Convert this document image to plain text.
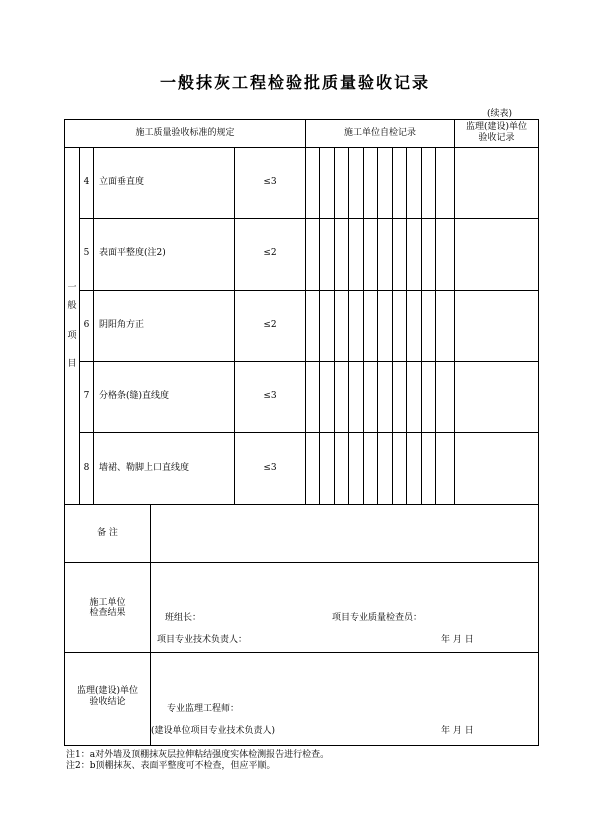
一般抹灰工程检验批质量验收记录
(续表)
施工质量验收标准的规定	施工单位自检记录
监理(建设)单位
验收记录
一
般
项
目
4	立面垂直度	≤3
5	表面平整度(注2)	≤2
6	阴阳角方正	≤2
7	分格条(缝)直线度	≤3
8	墙裙、勒脚上口直线度	≤3
备 注
施工单位
检查结果	班组长：	项目专业质量检查员：
项目专业技术负责人：	年 月 日
监理(建设)单位
验收结论
专业监理工程师：
(建设单位项目专业技术负责人)	年 月 日
注1：a对外墙及顶棚抹灰层拉伸粘结强度实体检测报告进行检查。
注2：b顶棚抹灰、表面平整度可不检查，但应平顺。
